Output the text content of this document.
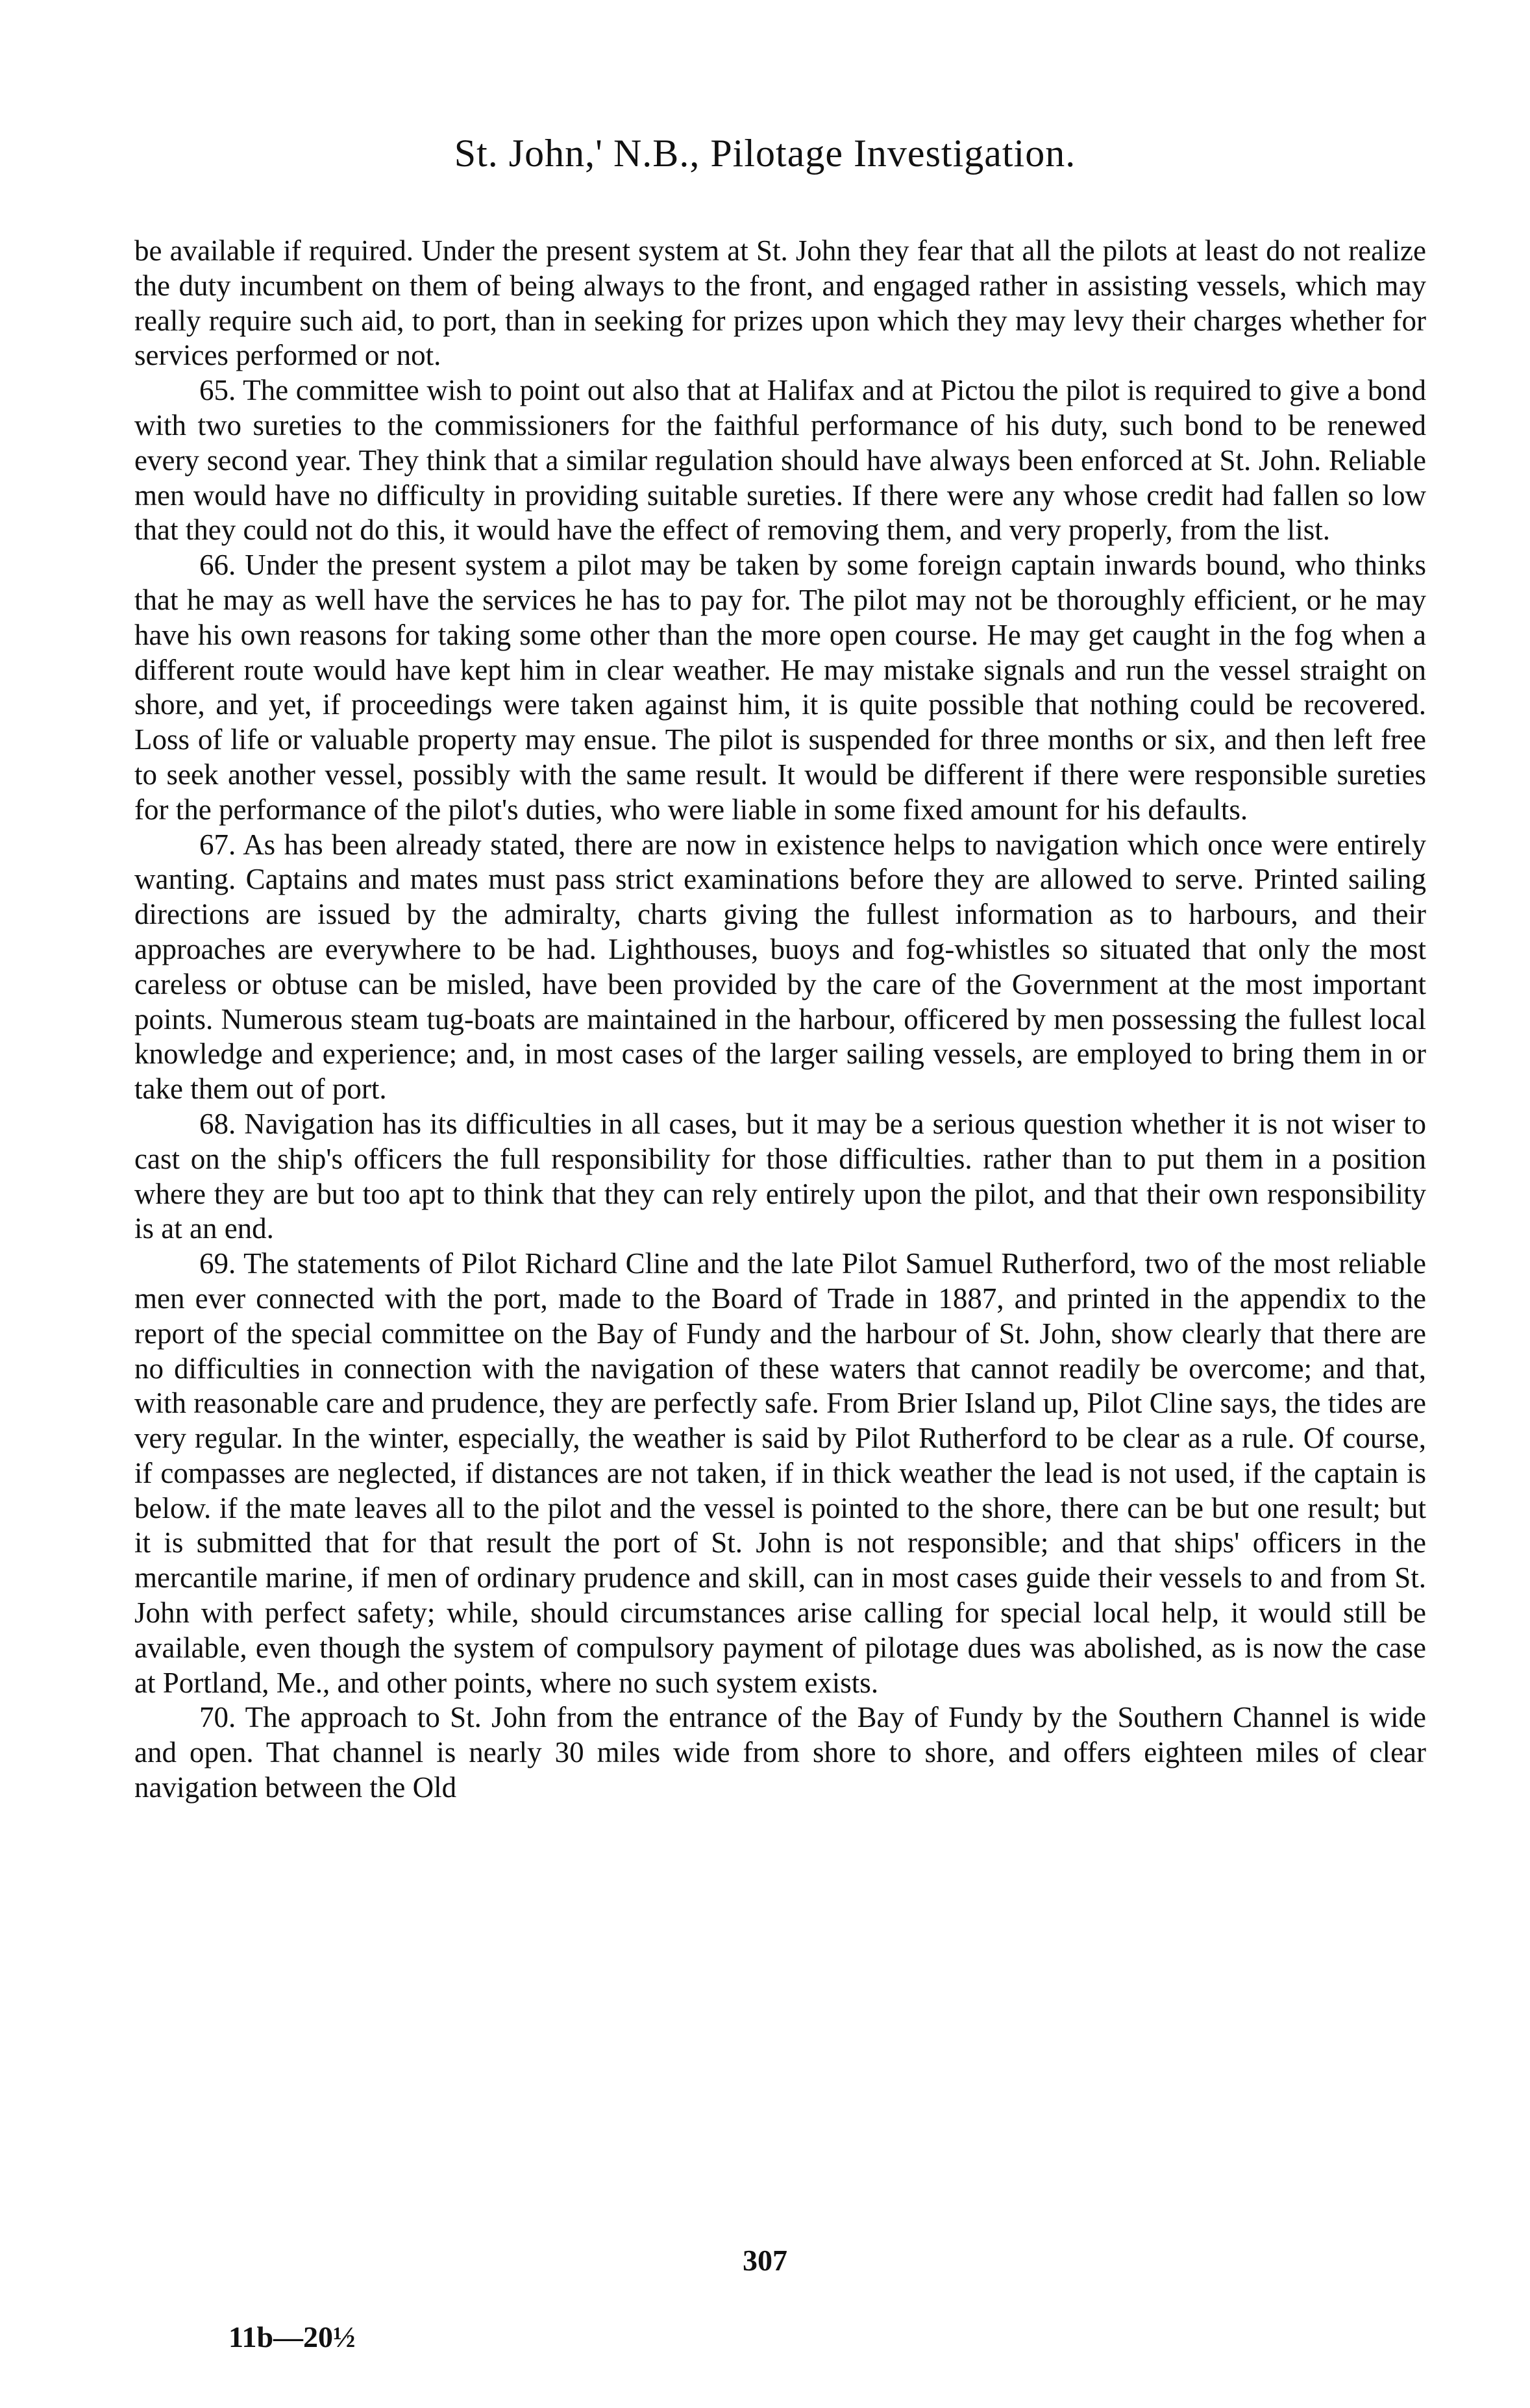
St. John,' N.B., Pilotage Investigation.

be available if required. Under the present system at St. John they fear that all the pilots at least do not realize the duty incumbent on them of being always to the front, and engaged rather in assisting vessels, which may really require such aid, to port, than in seeking for prizes upon which they may levy their charges whether for services performed or not.

65. The committee wish to point out also that at Halifax and at Pictou the pilot is required to give a bond with two sureties to the commissioners for the faithful performance of his duty, such bond to be renewed every second year. They think that a similar regulation should have always been enforced at St. John. Reliable men would have no difficulty in providing suitable sureties. If there were any whose credit had fallen so low that they could not do this, it would have the effect of removing them, and very properly, from the list.

66. Under the present system a pilot may be taken by some foreign captain inwards bound, who thinks that he may as well have the services he has to pay for. The pilot may not be thoroughly efficient, or he may have his own reasons for taking some other than the more open course. He may get caught in the fog when a different route would have kept him in clear weather. He may mistake signals and run the vessel straight on shore, and yet, if proceedings were taken against him, it is quite possible that nothing could be recovered. Loss of life or valuable property may ensue. The pilot is suspended for three months or six, and then left free to seek another vessel, possibly with the same result. It would be different if there were responsible sureties for the performance of the pilot's duties, who were liable in some fixed amount for his defaults.

67. As has been already stated, there are now in existence helps to navigation which once were entirely wanting. Captains and mates must pass strict examinations before they are allowed to serve. Printed sailing directions are issued by the admiralty, charts giving the fullest information as to harbours, and their approaches are everywhere to be had. Lighthouses, buoys and fog-whistles so situated that only the most careless or obtuse can be misled, have been provided by the care of the Government at the most important points. Numerous steam tug-boats are maintained in the harbour, officered by men possessing the fullest local knowledge and experience; and, in most cases of the larger sailing vessels, are employed to bring them in or take them out of port.

68. Navigation has its difficulties in all cases, but it may be a serious question whether it is not wiser to cast on the ship's officers the full responsibility for those difficulties. rather than to put them in a position where they are but too apt to think that they can rely entirely upon the pilot, and that their own responsibility is at an end.

69. The statements of Pilot Richard Cline and the late Pilot Samuel Rutherford, two of the most reliable men ever connected with the port, made to the Board of Trade in 1887, and printed in the appendix to the report of the special committee on the Bay of Fundy and the harbour of St. John, show clearly that there are no difficulties in connection with the navigation of these waters that cannot readily be overcome; and that, with reasonable care and prudence, they are perfectly safe. From Brier Island up, Pilot Cline says, the tides are very regular. In the winter, especially, the weather is said by Pilot Rutherford to be clear as a rule. Of course, if compasses are neglected, if distances are not taken, if in thick weather the lead is not used, if the captain is below. if the mate leaves all to the pilot and the vessel is pointed to the shore, there can be but one result; but it is submitted that for that result the port of St. John is not responsible; and that ships' officers in the mercantile marine, if men of ordinary prudence and skill, can in most cases guide their vessels to and from St. John with perfect safety; while, should circumstances arise calling for special local help, it would still be available, even though the system of compulsory payment of pilotage dues was abolished, as is now the case at Portland, Me., and other points, where no such system exists.

70. The approach to St. John from the entrance of the Bay of Fundy by the Southern Channel is wide and open. That channel is nearly 30 miles wide from shore to shore, and offers eighteen miles of clear navigation between the Old

307
11b—20½
